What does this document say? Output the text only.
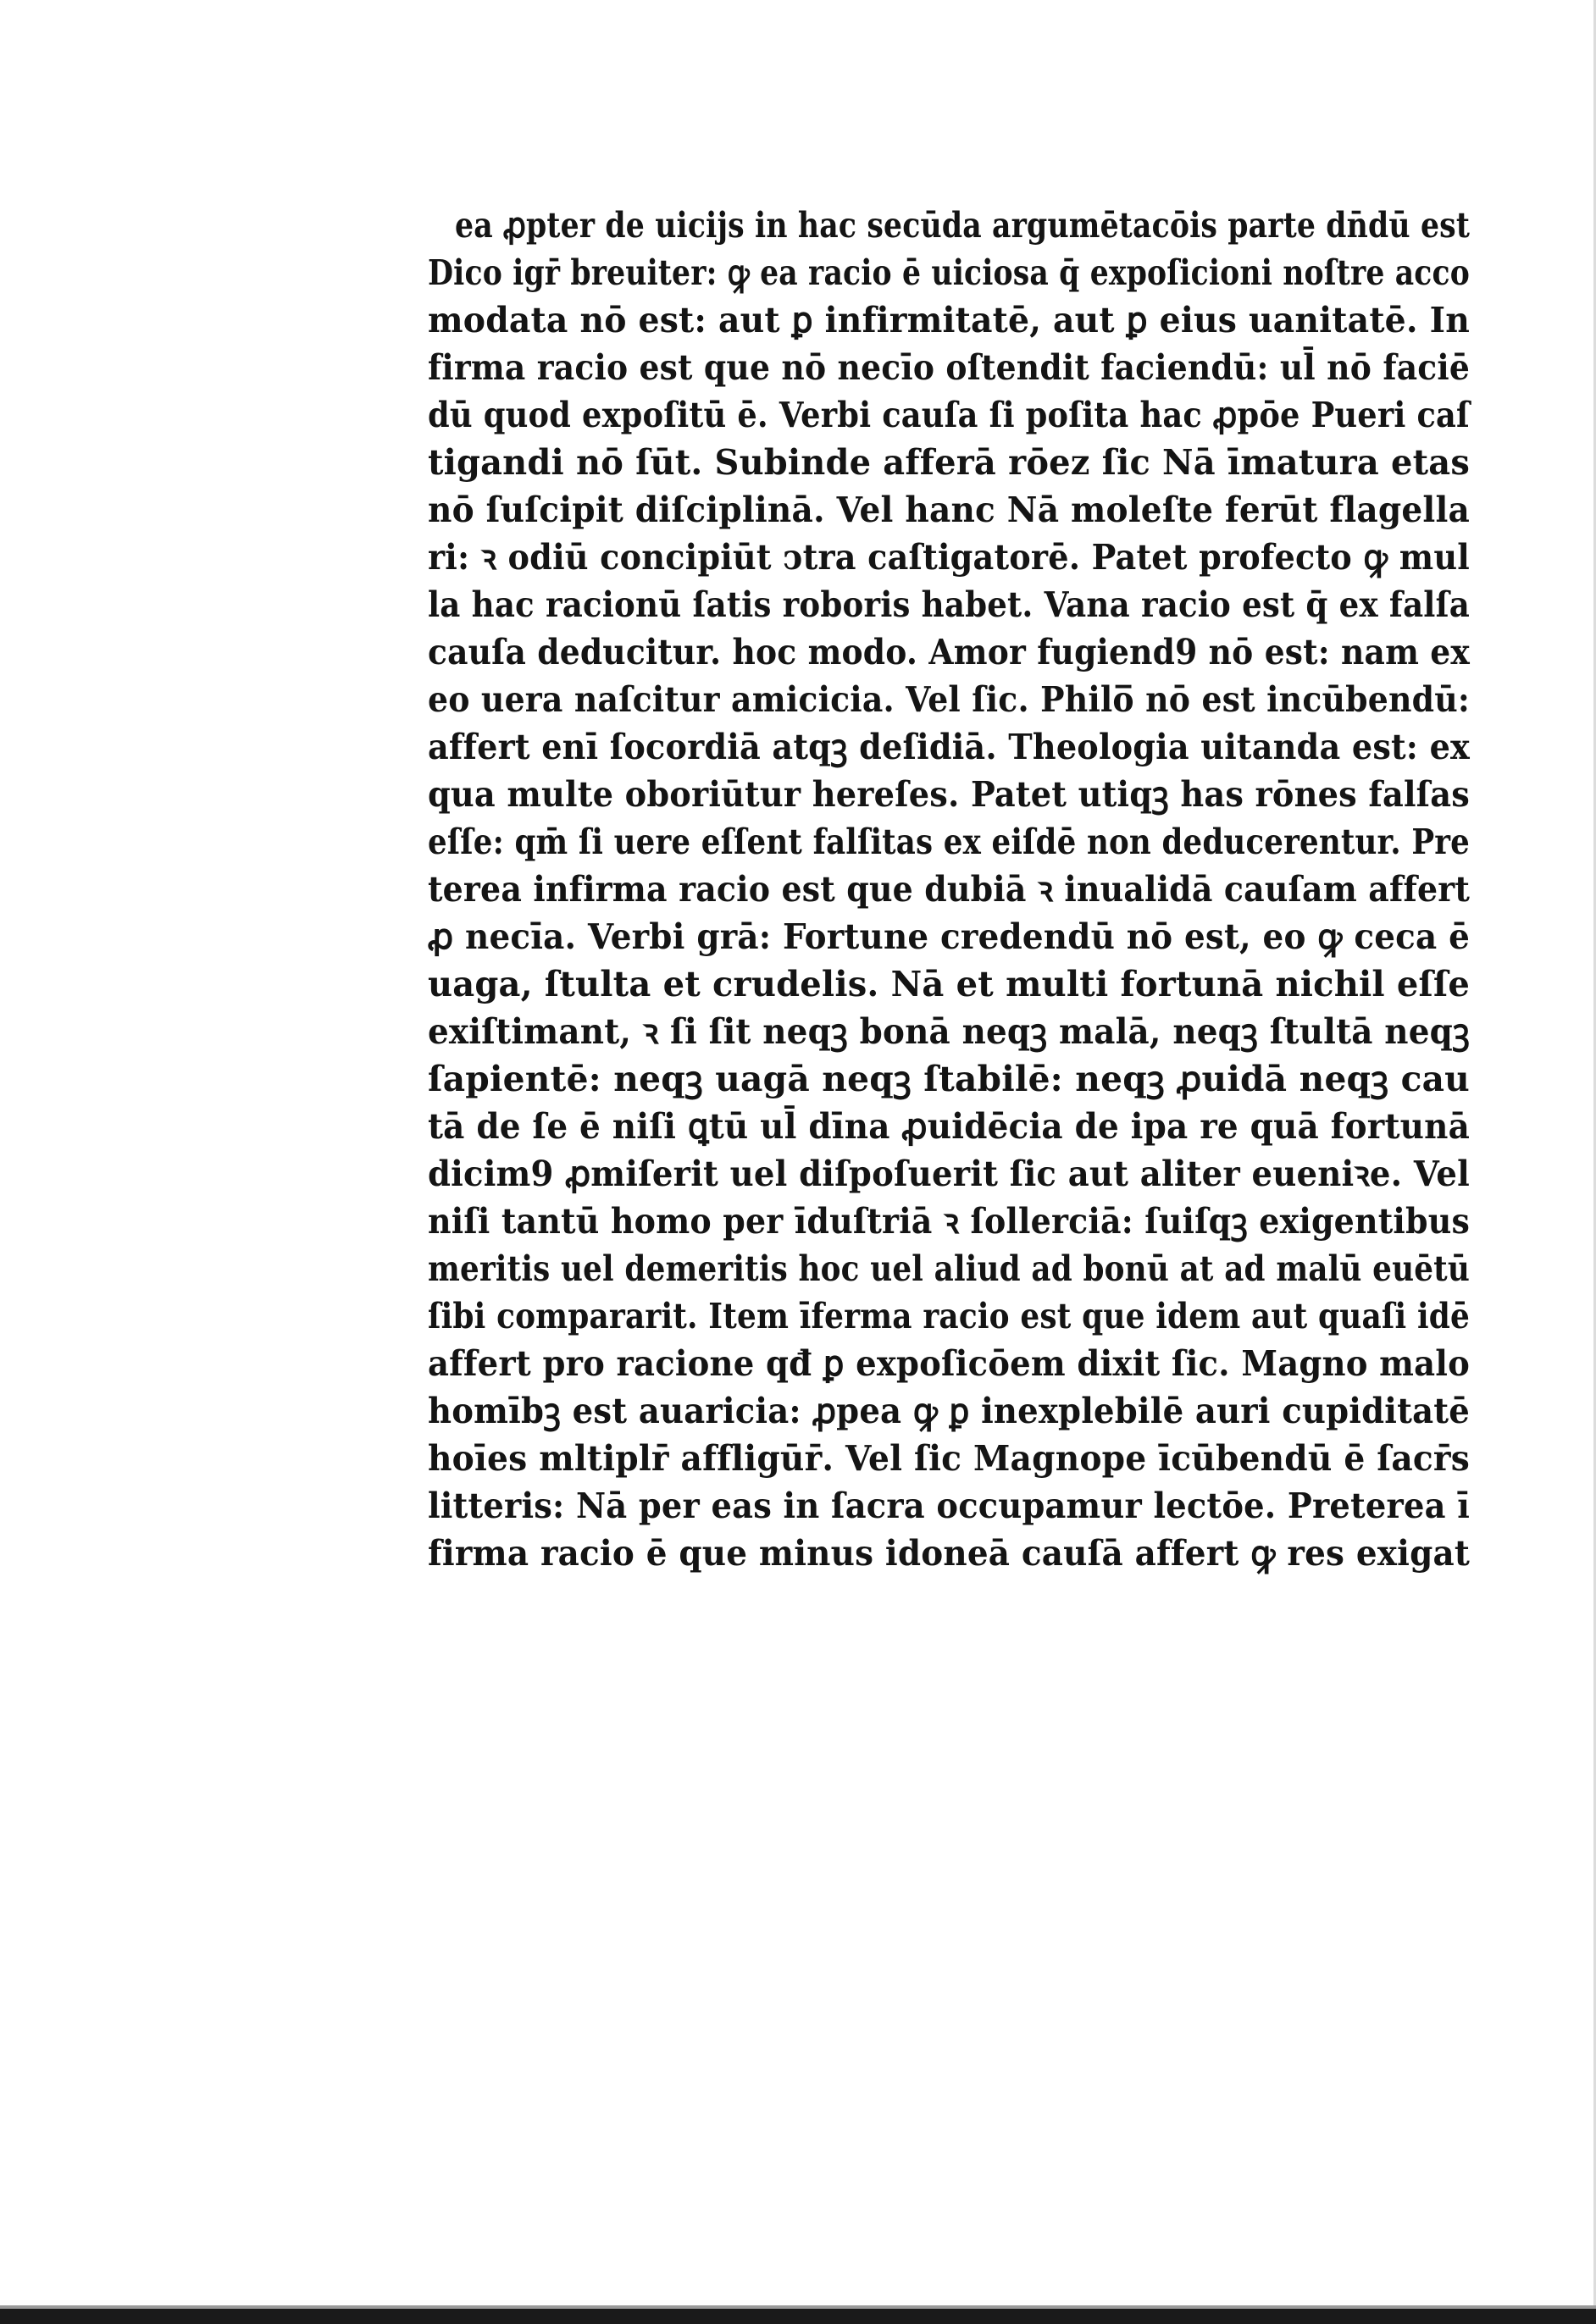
ea ꝓpter de uicijs in hac secūda argumētacōis parte dn̄dū est
Dico igr̄ breuiter: ꝙ ea racio ē uiciosa q̄ expoſicioni noſtre acco
modata nō est: aut ꝑ infirmitatē, aut ꝑ eius uanitatē. In
firma racio est que nō necīo oſtendit faciendū: ul̄ nō faciē
dū quod expoſitū ē. Verbi cauſa ſi poſita hac ꝓpōe Pueri caſ
tigandi nō ſūt. Subinde afferā rōez ſic Nā īmatura etas
nō ſuſcipit diſciplinā. Vel hanc Nā moleſte ferūt flagella
ri: ꝛ odiū concipiūt ↄtra caſtigatorē. Patet profecto ꝙ mul
la hac racionū ſatis roboris habet. Vana racio est q̄ ex falſa
cauſa deducitur. hoc modo. Amor fugiend9 nō est: nam ex
eo uera naſcitur amicicia. Vel ſic. Philo̅ nō est incūbendū:
affert enī ſocordiā atqꝫ deſidiā. Theologia uitanda est: ex
qua multe oboriūtur hereſes. Patet utiqꝫ has rōnes falſas
eſſe: qm̄ ſi uere eſſent falſitas ex eiſdē non deducerentur. Pre
terea infirma racio est que dubiā ꝛ inualidā cauſam affert
ꝓ necīa. Verbi grā: Fortune credendū nō est, eo ꝙ ceca ē
uaga, ſtulta et crudelis. Nā et multi fortunā nichil eſſe
exiſtimant, ꝛ ſi ſit neqꝫ bonā neqꝫ malā, neqꝫ ſtultā neqꝫ
ſapientē: neqꝫ uagā neqꝫ ſtabilē: neqꝫ ꝓuidā neqꝫ cau
tā de ſe ē niſi ꝗtū ul̄ dīna ꝓuidēcia de ipa re quā fortunā
dicim9 ꝓmiſerit uel diſpoſuerit ſic aut aliter eueniꝛe. Vel
niſi tantū homo per īduſtriā ꝛ ſollerciā: ſuiſqꝫ exigentibus
meritis uel demeritis hoc uel aliud ad bonū at ad malū euētū
ſibi compararit. Item īferma racio est que idem aut quaſi idē
affert pro racione qđ ꝑ expoſicōem dixit ſic. Magno malo
homībꝫ est auaricia: ꝓpea ꝙ ꝑ inexplebilē auri cupiditatē
hoīes mltiplr̄ affligūr̄. Vel ſic Magnope īcūbendū ē ſacr̄s
litteris: Nā per eas in ſacra occupamur lectōe. Preterea ī
firma racio ē que minus idoneā cauſā affert ꝙ res exigat
